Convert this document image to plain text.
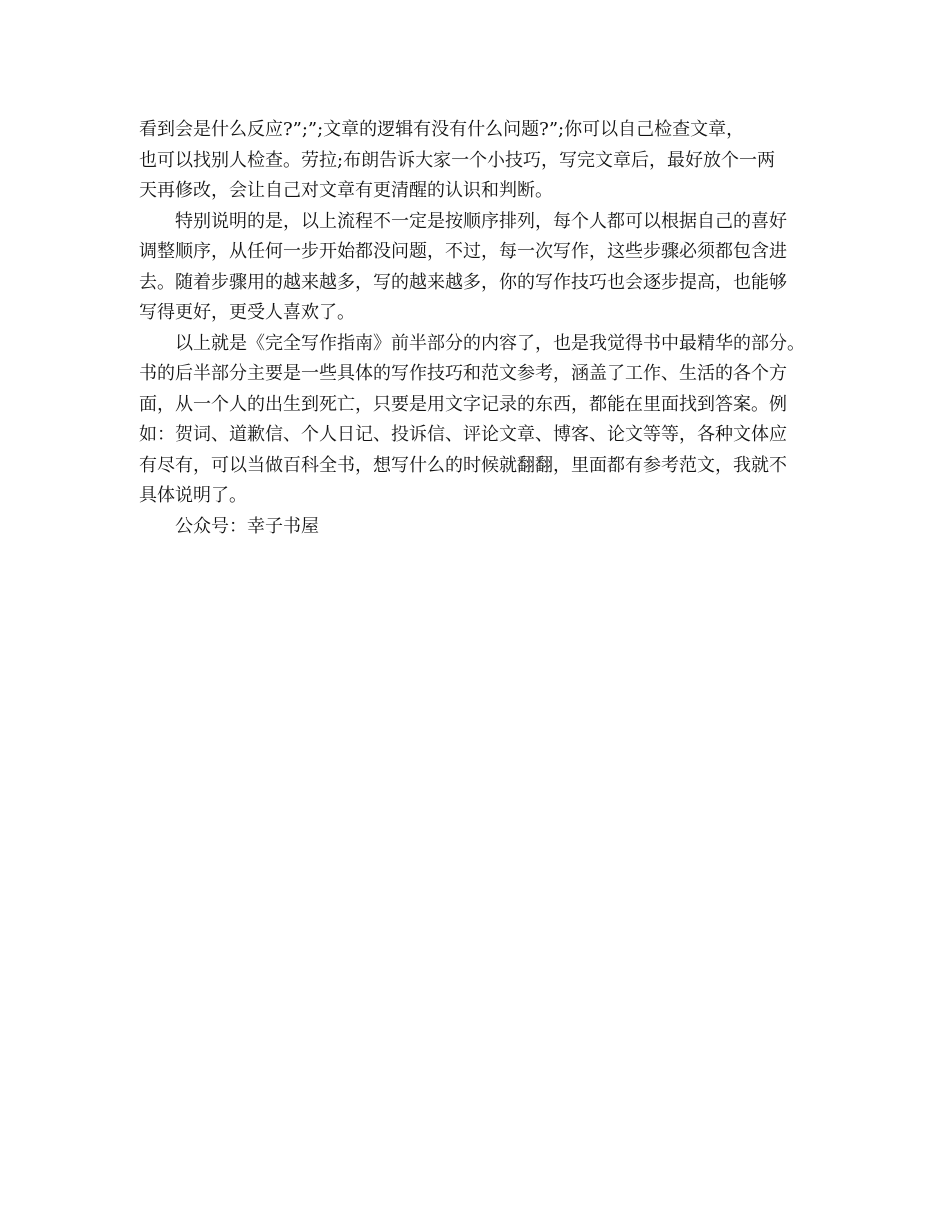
看到会是什么反应?”;”;文章的逻辑有没有什么问题?”;你可以自己检查文章，
也可以找别人检查。劳拉;布朗告诉大家一个小技巧，写完文章后，最好放个一两
天再修改，会让自己对文章有更清醒的认识和判断。

特别说明的是，以上流程不一定是按顺序排列，每个人都可以根据自己的喜好
调整顺序，从任何一步开始都没问题，不过，每一次写作，这些步骤必须都包含进
去。随着步骤用的越来越多，写的越来越多，你的写作技巧也会逐步提高，也能够
写得更好，更受人喜欢了。

以上就是《完全写作指南》前半部分的内容了，也是我觉得书中最精华的部分。
书的后半部分主要是一些具体的写作技巧和范文参考，涵盖了工作、生活的各个方
面，从一个人的出生到死亡，只要是用文字记录的东西，都能在里面找到答案。例
如：贺词、道歉信、个人日记、投诉信、评论文章、博客、论文等等，各种文体应
有尽有，可以当做百科全书，想写什么的时候就翻翻，里面都有参考范文，我就不
具体说明了。

公众号：幸子书屋
